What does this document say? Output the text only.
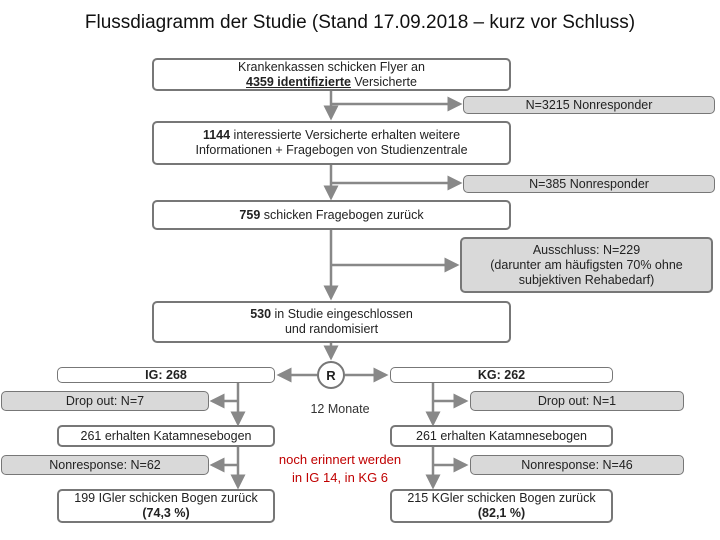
Flussdiagramm der Studie (Stand 17.09.2018 – kurz vor Schluss)
Krankenkassen schicken Flyer an
4359 identifizierte Versicherte
N=3215 Nonresponder
1144 interessierte Versicherte erhalten weitere
Informationen + Fragebogen von Studienzentrale
N=385 Nonresponder
759 schicken Fragebogen zurück
Ausschluss: N=229
(darunter am häufigsten 70% ohne
subjektiven Rehabedarf)
530 in Studie eingeschlossen
und randomisiert
R
IG: 268	KG: 262
12 Monate
Drop out: N=7
261 erhalten Katamnesebogen
Nonresponse: N=62
199 IGler schicken Bogen zurück
(74,3 %)
Drop out: N=1
261 erhalten Katamnesebogen
Nonresponse: N=46
215 KGler schicken Bogen zurück
(82,1 %)
noch erinnert werden
in IG 14, in KG 6
